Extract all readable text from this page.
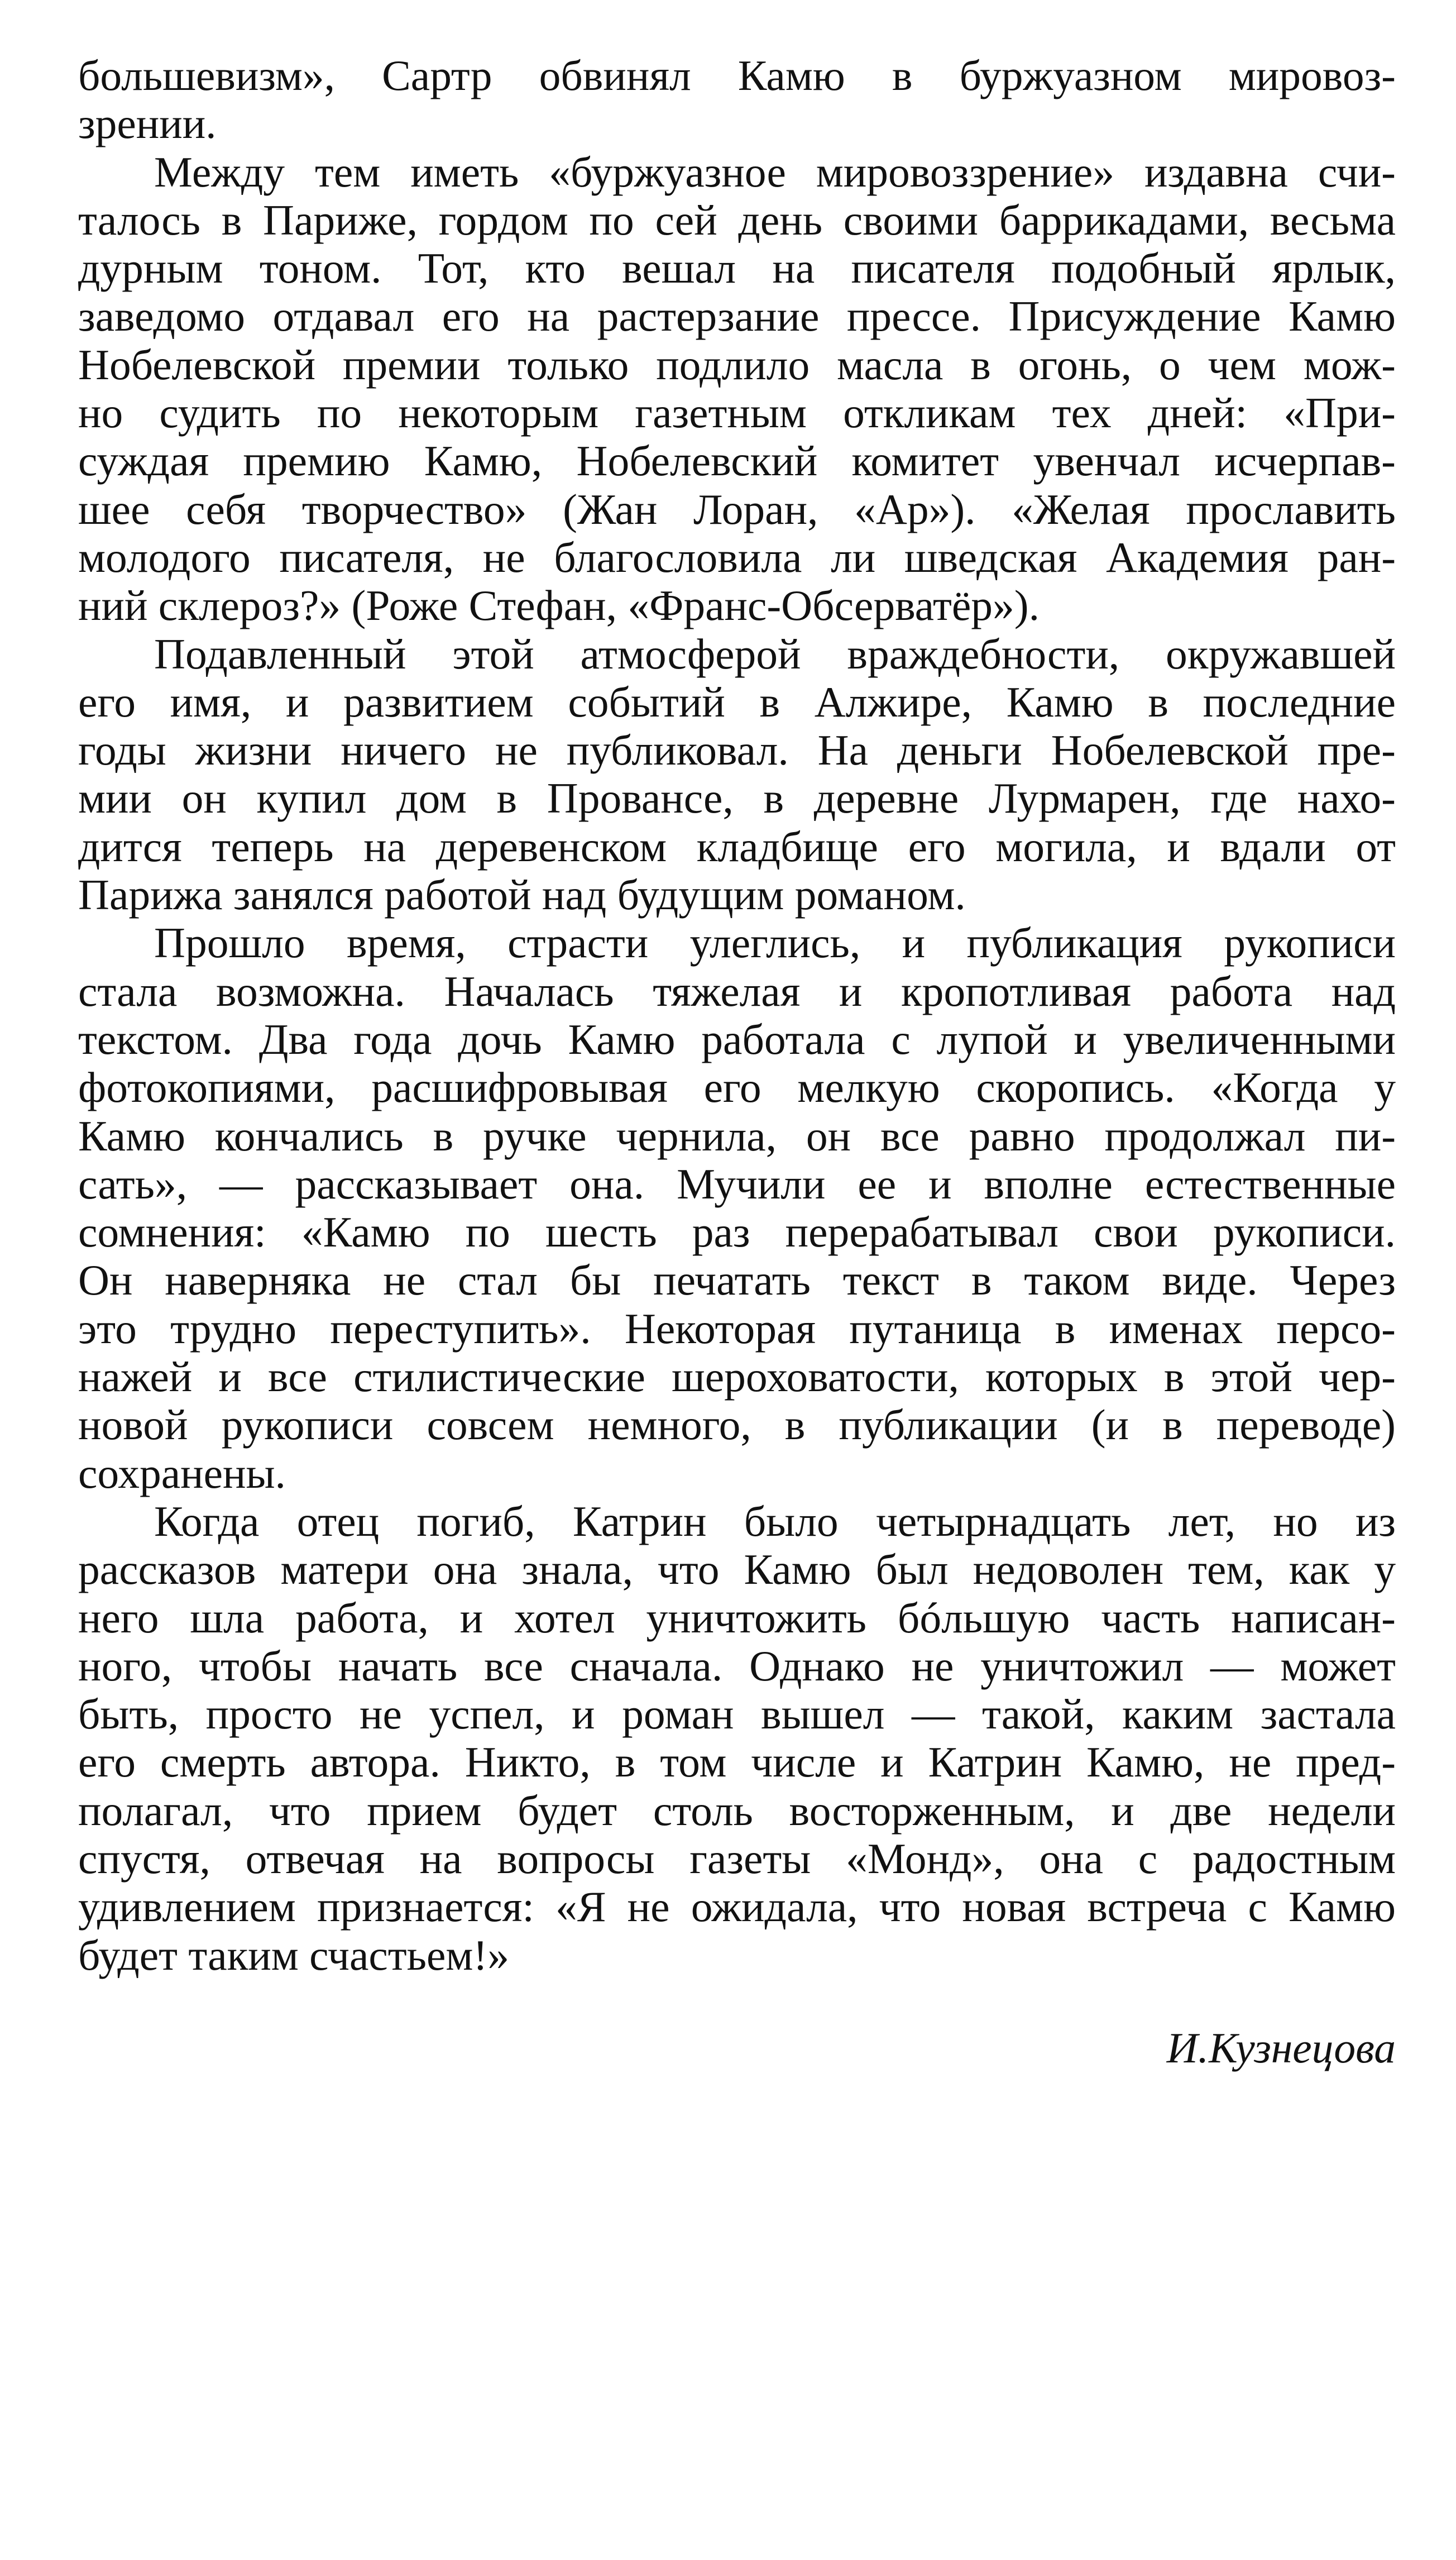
большевизм», Сартр обвинял Камю в буржуазном мировоз-
зрении.
Между тем иметь «буржуазное мировоззрение» издавна счи-
талось в Париже, гордом по сей день своими баррикадами, весьма
дурным тоном. Тот, кто вешал на писателя подобный ярлык,
заведомо отдавал его на растерзание прессе. Присуждение Камю
Нобелевской премии только подлило масла в огонь, о чем мож-
но судить по некоторым газетным откликам тех дней: «При-
суждая премию Камю, Нобелевский комитет увенчал исчерпав-
шее себя творчество» (Жан Лоран, «Ар»). «Желая прославить
молодого писателя, не благословила ли шведская Академия ран-
ний склероз?» (Роже Стефан, «Франс-Обсерватёр»).
Подавленный этой атмосферой враждебности, окружавшей
его имя, и развитием событий в Алжире, Камю в последние
годы жизни ничего не публиковал. На деньги Нобелевской пре-
мии он купил дом в Провансе, в деревне Лурмарен, где нахо-
дится теперь на деревенском кладбище его могила, и вдали от
Парижа занялся работой над будущим романом.
Прошло время, страсти улеглись, и публикация рукописи
стала возможна. Началась тяжелая и кропотливая работа над
текстом. Два года дочь Камю работала с лупой и увеличенными
фотокопиями, расшифровывая его мелкую скоропись. «Когда у
Камю кончались в ручке чернила, он все равно продолжал пи-
сать», — рассказывает она. Мучили ее и вполне естественные
сомнения: «Камю по шесть раз перерабатывал свои рукописи.
Он наверняка не стал бы печатать текст в таком виде. Через
это трудно переступить». Некоторая путаница в именах персо-
нажей и все стилистические шероховатости, которых в этой чер-
новой рукописи совсем немного, в публикации (и в переводе)
сохранены.
Когда отец погиб, Катрин было четырнадцать лет, но из
рассказов матери она знала, что Камю был недоволен тем, как у
него шла работа, и хотел уничтожить бóльшую часть написан-
ного, чтобы начать все сначала. Однако не уничтожил — может
быть, просто не успел, и роман вышел — такой, каким застала
его смерть автора. Никто, в том числе и Катрин Камю, не пред-
полагал, что прием будет столь восторженным, и две недели
спустя, отвечая на вопросы газеты «Монд», она с радостным
удивлением признается: «Я не ожидала, что новая встреча с Камю
будет таким счастьем!»
И.Кузнецова
